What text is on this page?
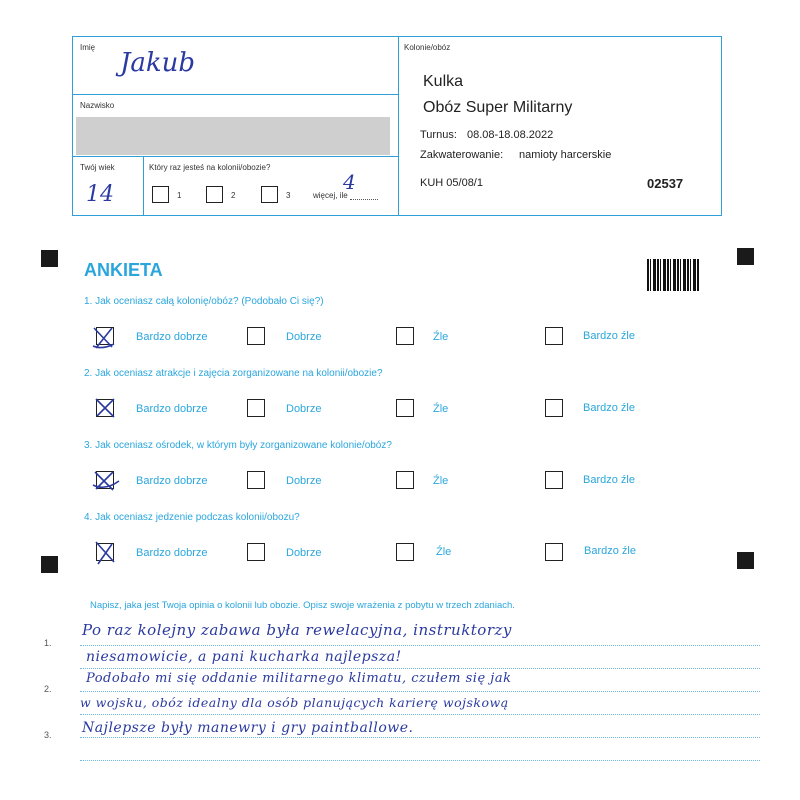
Imię
Jakub
Nazwisko
Twój wiek
14
Który raz jesteś na kolonii/obozie?
1	2	3	więcej, ile
4
Kolonie/obóz
Kulka
Obóz Super Militarny
Turnus: 08.08-18.08.2022
Zakwaterowanie: namioty harcerskie
KUH 05/08/1	02537
ANKIETA
1. Jak oceniasz całą kolonię/obóz? (Podobało Ci się?)
Bardzo dobrze	Dobrze	Źle	Bardzo źle
2. Jak oceniasz atrakcje i zajęcia zorganizowane na kolonii/obozie?
Bardzo dobrze	Dobrze	Źle	Bardzo źle
3. Jak oceniasz ośrodek, w którym były zorganizowane kolonie/obóz?
Bardzo dobrze	Dobrze	Źle	Bardzo źle
4. Jak oceniasz jedzenie podczas kolonii/obozu?
Bardzo dobrze	Dobrze	Źle	Bardzo źle
Napisz, jaka jest Twoja opinia o kolonii lub obozie. Opisz swoje wrażenia z pobytu w trzech zdaniach.
1.
2.
3.
Po raz kolejny zabawa była rewelacyjna, instruktorzy
niesamowicie, a pani kucharka najlepsza!
Podobało mi się oddanie militarnego klimatu, czułem się jak
w wojsku, obóz idealny dla osób planujących karierę wojskową
Najlepsze były manewry i gry paintballowe.
